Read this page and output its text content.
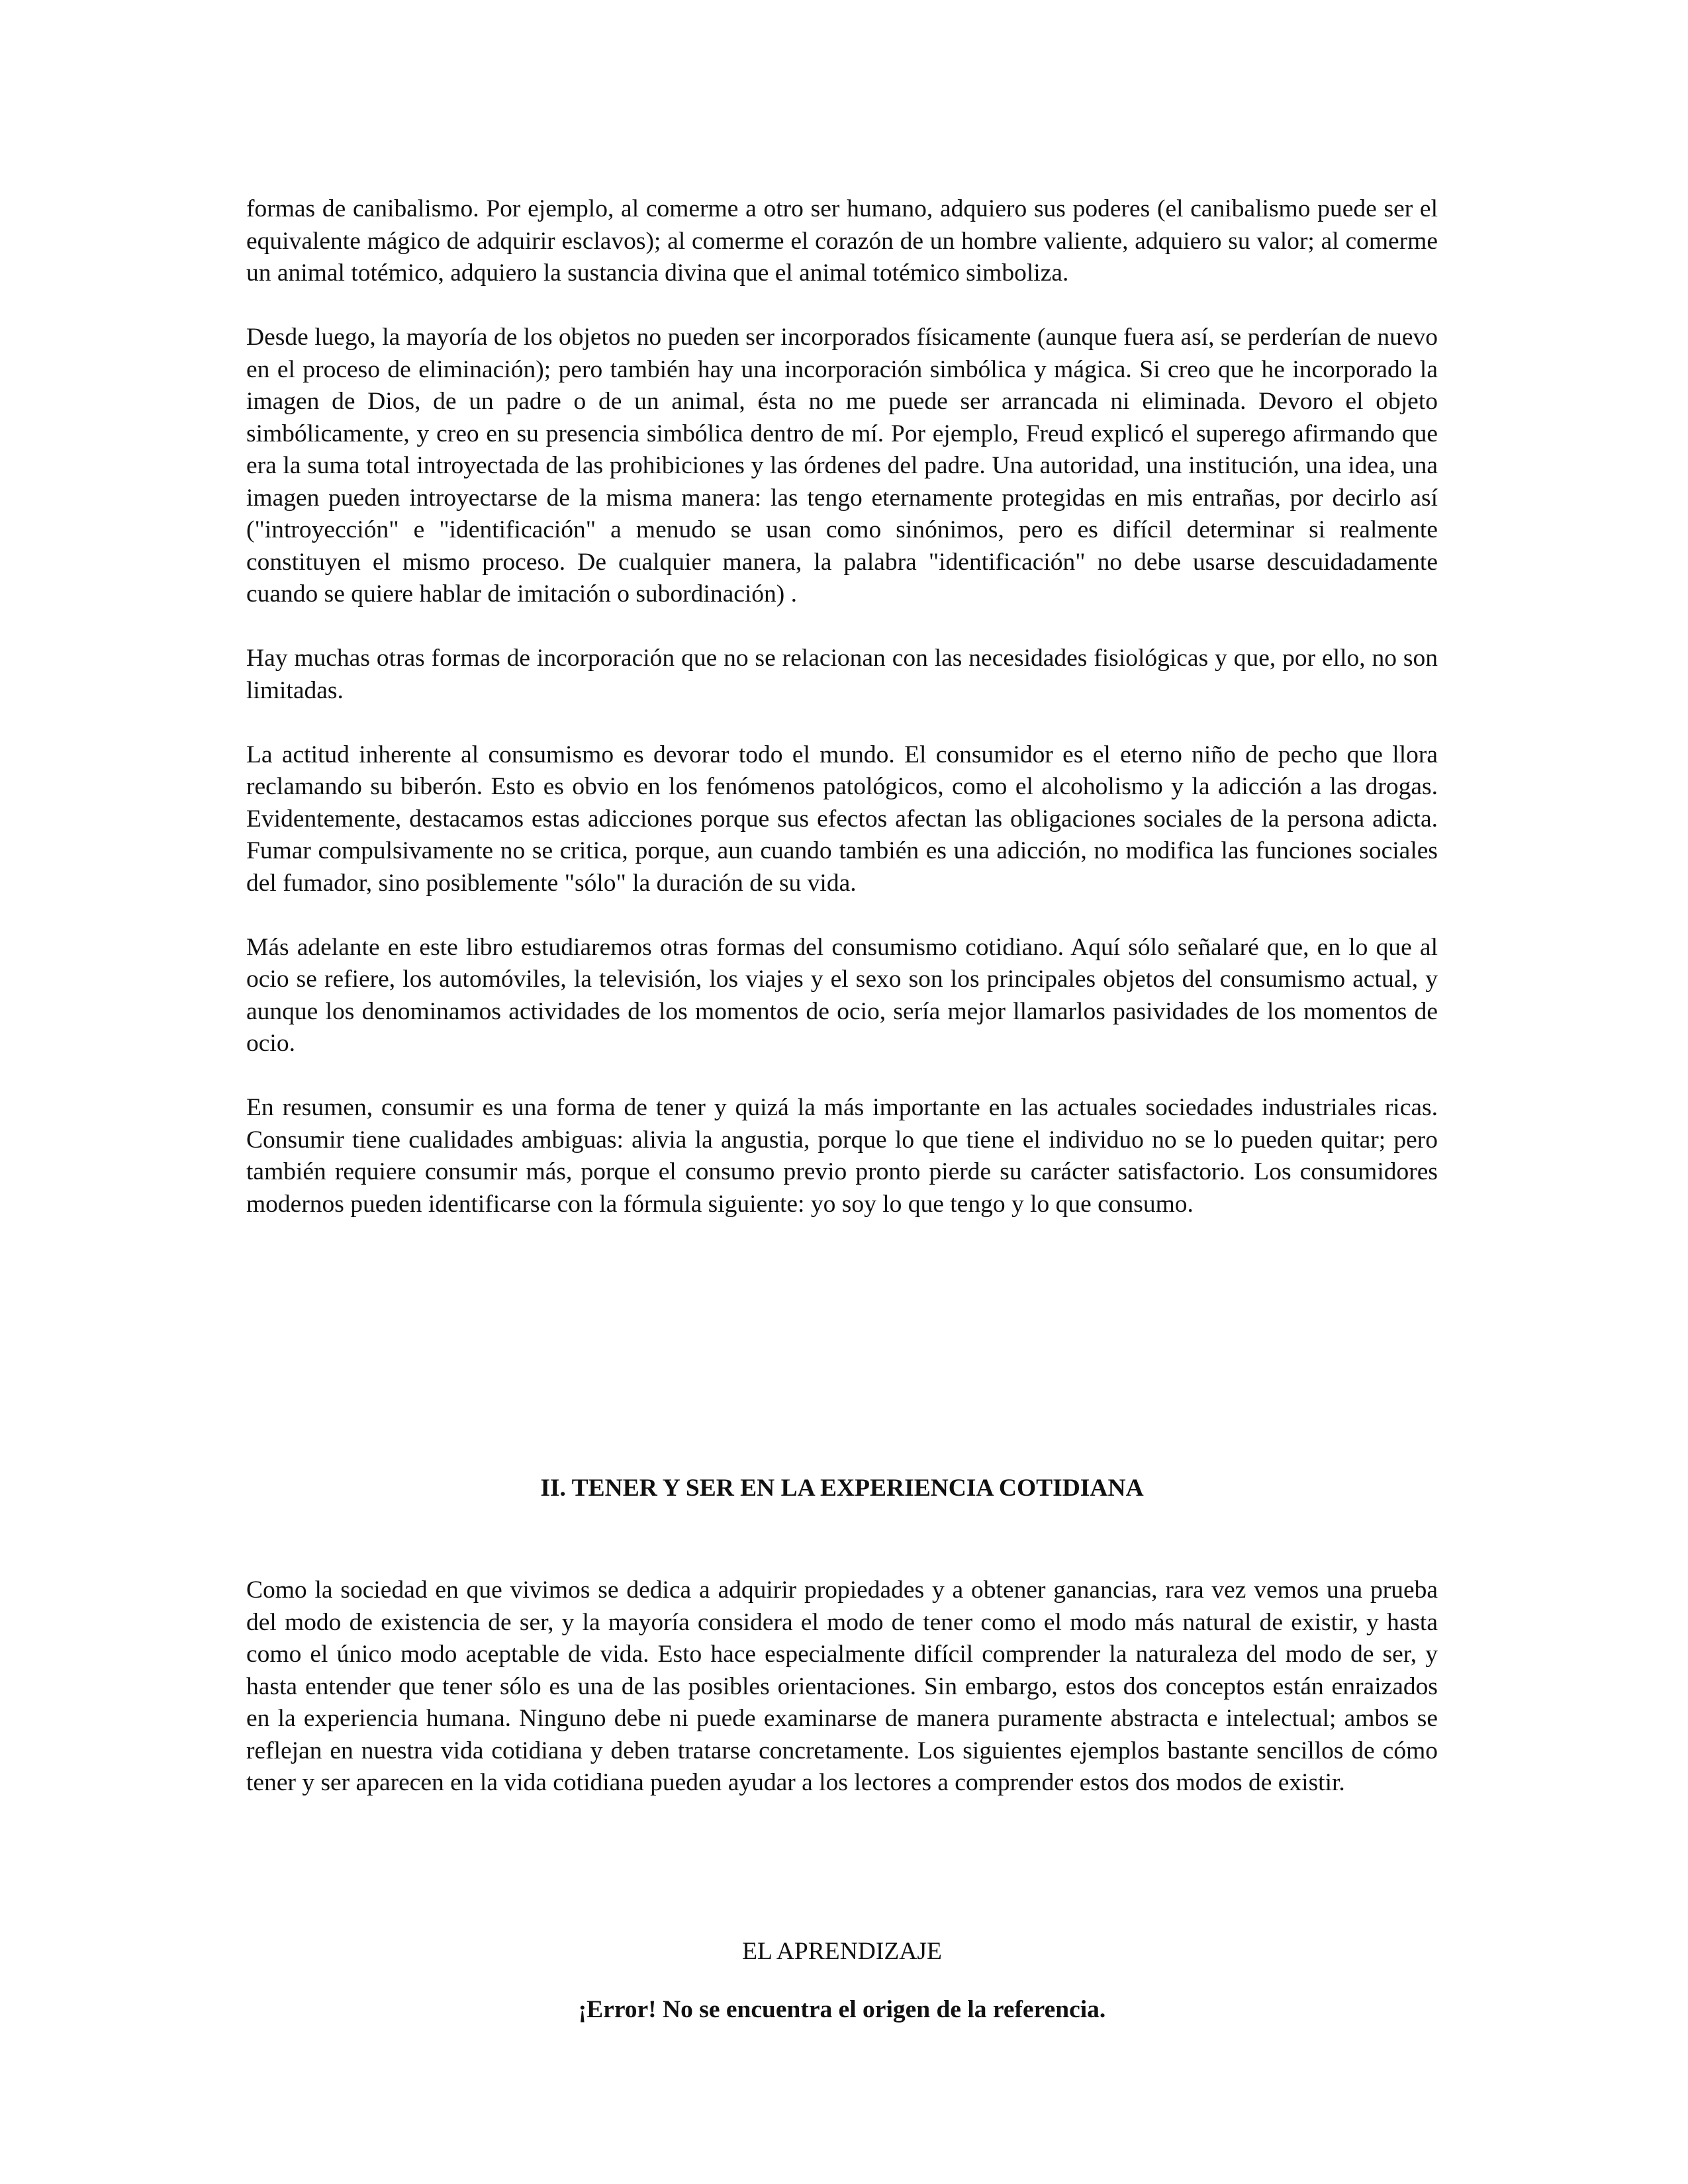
formas de canibalismo. Por ejemplo, al comerme a otro ser humano, adquiero sus poderes (el canibalismo puede ser el equivalente mágico de adquirir esclavos); al comerme el corazón de un hombre valiente, adquiero su valor; al comerme un animal totémico, adquiero la sustancia divina que el animal totémico simboliza.

Desde luego, la mayoría de los objetos no pueden ser incorporados físicamente (aunque fuera así, se perderían de nuevo en el proceso de eliminación); pero también hay una incorporación simbólica y mágica. Si creo que he incorporado la imagen de Dios, de un padre o de un animal, ésta no me puede ser arrancada ni eliminada. Devoro el objeto simbólicamente, y creo en su presencia simbólica dentro de mí. Por ejemplo, Freud explicó el superego afirmando que era la suma total introyectada de las prohibiciones y las órdenes del padre. Una autoridad, una institución, una idea, una imagen pueden introyectarse de la misma manera: las tengo eternamente protegidas en mis entrañas, por decirlo así ("introyección" e "identificación" a menudo se usan como sinónimos, pero es difícil determinar si realmente constituyen el mismo proceso. De cualquier manera, la palabra "identificación" no debe usarse descuidadamente cuando se quiere hablar de imitación o subordinación) .

Hay muchas otras formas de incorporación que no se relacionan con las necesidades fisiológicas y que, por ello, no son limitadas.

La actitud inherente al consumismo es devorar todo el mundo. El consumidor es el eterno niño de pecho que llora reclamando su biberón. Esto es obvio en los fenómenos patológicos, como el alcoholismo y la adicción a las drogas. Evidentemente, destacamos estas adicciones porque sus efectos afectan las obligaciones sociales de la persona adicta. Fumar compulsivamente no se critica, porque, aun cuando también es una adicción, no modifica las funciones sociales del fumador, sino posiblemente "sólo" la duración de su vida.

Más adelante en este libro estudiaremos otras formas del consumismo cotidiano. Aquí sólo señalaré que, en lo que al ocio se refiere, los automóviles, la televisión, los viajes y el sexo son los principales objetos del consumismo actual, y aunque los denominamos actividades de los momentos de ocio, sería mejor llamarlos pasividades de los momentos de ocio.

En resumen, consumir es una forma de tener y quizá la más importante en las actuales sociedades industriales ricas. Consumir tiene cualidades ambiguas: alivia la angustia, porque lo que tiene el individuo no se lo pueden quitar; pero también requiere consumir más, porque el consumo previo pronto pierde su carácter satisfactorio. Los consumidores modernos pueden identificarse con la fórmula siguiente: yo soy lo que tengo y lo que consumo.

II. TENER Y SER EN LA EXPERIENCIA COTIDIANA

Como la sociedad en que vivimos se dedica a adquirir propiedades y a obtener ganancias, rara vez vemos una prueba del modo de existencia de ser, y la mayoría considera el modo de tener como el modo más natural de existir, y hasta como el único modo aceptable de vida. Esto hace especialmente difícil comprender la naturaleza del modo de ser, y hasta entender que tener sólo es una de las posibles orientaciones. Sin embargo, estos dos conceptos están enraizados en la experiencia humana. Ninguno debe ni puede examinarse de manera puramente abstracta e intelectual; ambos se reflejan en nuestra vida cotidiana y deben tratarse concretamente. Los siguientes ejemplos bastante sencillos de cómo tener y ser aparecen en la vida cotidiana pueden ayudar a los lectores a comprender estos dos modos de existir.

EL APRENDIZAJE

¡Error! No se encuentra el origen de la referencia.
